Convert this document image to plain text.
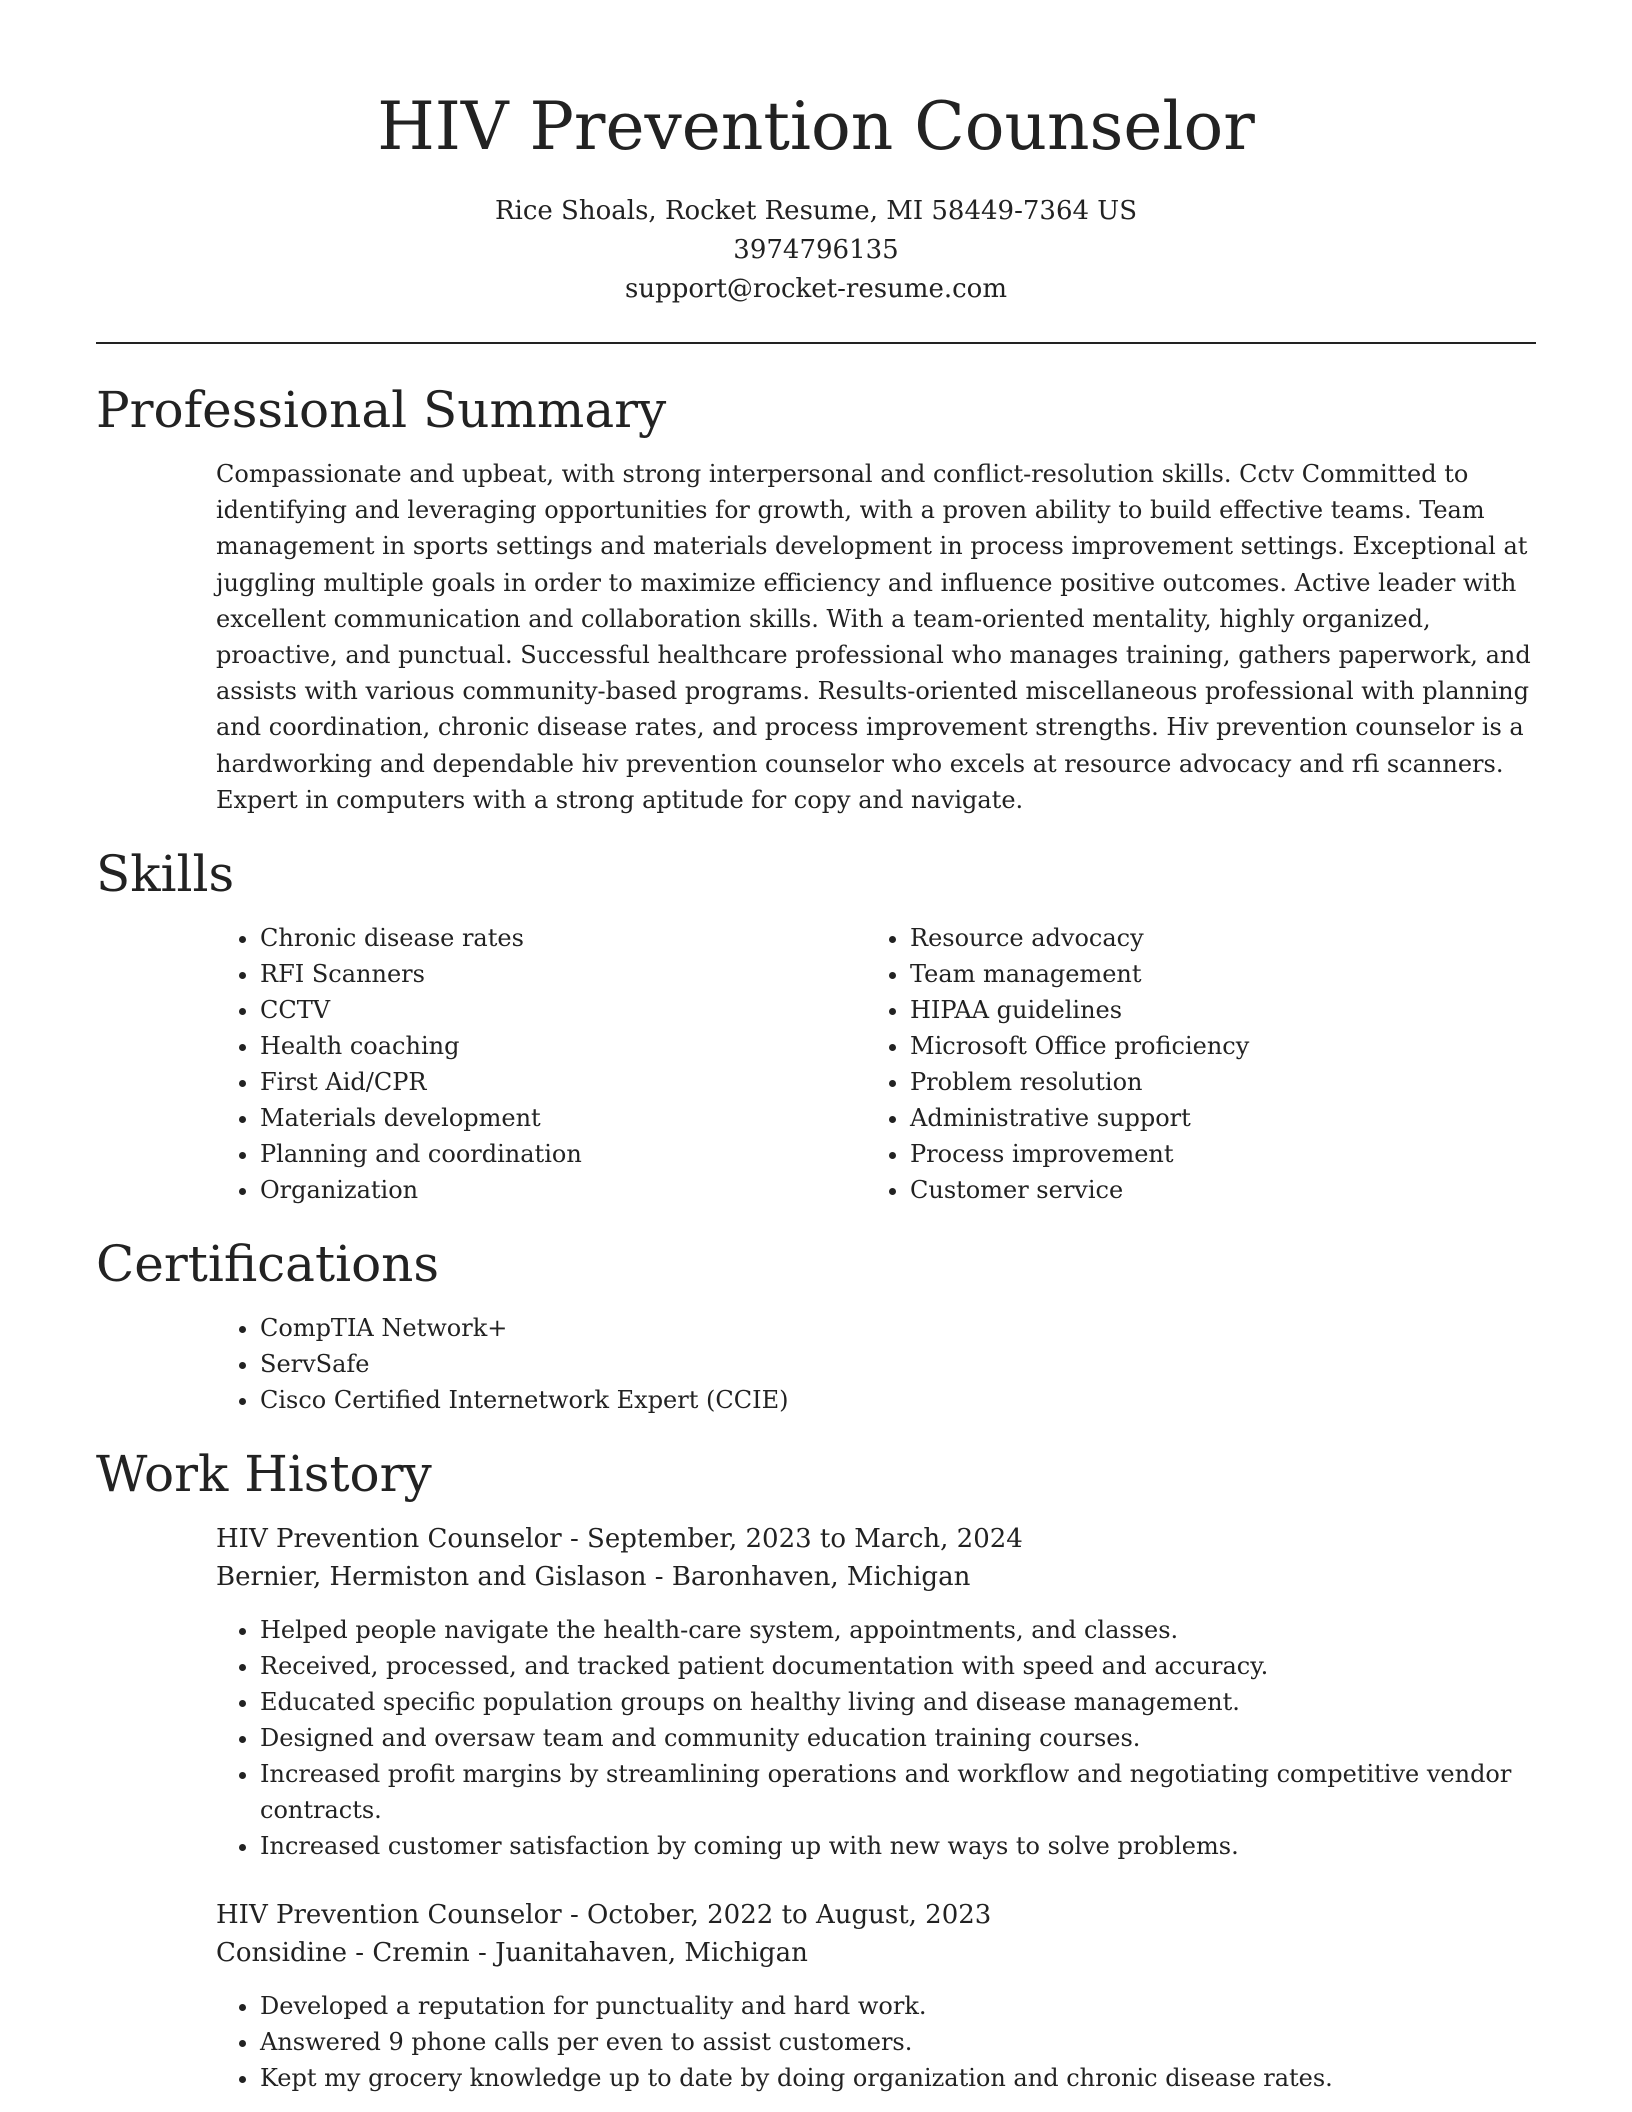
HIV Prevention Counselor
Rice Shoals, Rocket Resume, MI 58449-7364 US
3974796135
support@rocket-resume.com
Professional Summary

Compassionate and upbeat, with strong interpersonal and conflict-resolution skills. Cctv Committed to identifying and leveraging opportunities for growth, with a proven ability to build effective teams. Team management in sports settings and materials development in process improvement settings. Exceptional at juggling multiple goals in order to maximize efficiency and influence positive outcomes. Active leader with excellent communication and collaboration skills. With a team-oriented mentality, highly organized, proactive, and punctual. Successful healthcare professional who manages training, gathers paperwork, and assists with various community-based programs. Results-oriented miscellaneous professional with planning and coordination, chronic disease rates, and process improvement strengths. Hiv prevention counselor is a hardworking and dependable hiv prevention counselor who excels at resource advocacy and rfi scanners. Expert in computers with a strong aptitude for copy and navigate.

Skills
• Chronic disease rates
• RFI Scanners
• CCTV
• Health coaching
• First Aid/CPR
• Materials development
• Planning and coordination
• Organization
• Resource advocacy
• Team management
• HIPAA guidelines
• Microsoft Office proficiency
• Problem resolution
• Administrative support
• Process improvement
• Customer service
Certifications
• CompTIA Network+
• ServSafe
• Cisco Certified Internetwork Expert (CCIE)
Work History
HIV Prevention Counselor - September, 2023 to March, 2024
Bernier, Hermiston and Gislason - Baronhaven, Michigan
• Helped people navigate the health-care system, appointments, and classes.
• Received, processed, and tracked patient documentation with speed and accuracy.
• Educated specific population groups on healthy living and disease management.
• Designed and oversaw team and community education training courses.
• Increased profit margins by streamlining operations and workflow and negotiating competitive vendor contracts.
• Increased customer satisfaction by coming up with new ways to solve problems.
HIV Prevention Counselor - October, 2022 to August, 2023
Considine - Cremin - Juanitahaven, Michigan
• Developed a reputation for punctuality and hard work.
• Answered 9 phone calls per even to assist customers.
• Kept my grocery knowledge up to date by doing organization and chronic disease rates.
